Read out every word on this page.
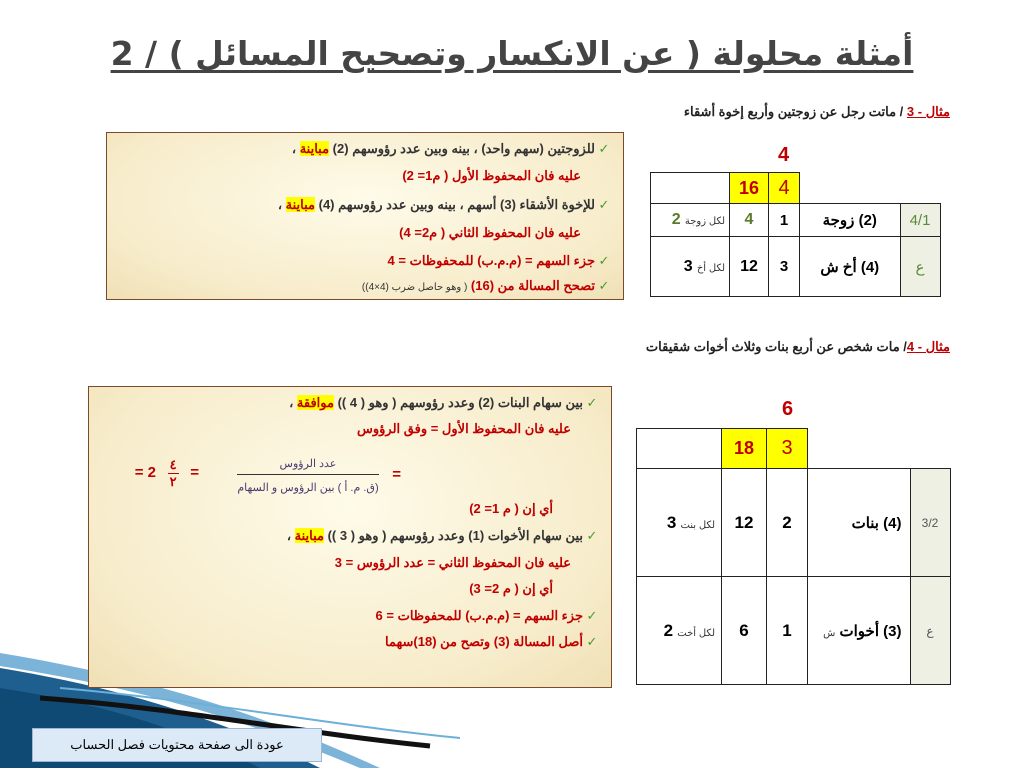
أمثلة محلولة ( عن الانكسار وتصحيح المسائل ) / 2
مثال - 3 / ماتت رجل عن زوجتين وأربع إخوة أشقاء
✓للزوجتين (سهم واحد) ، بينه وبين عدد رؤوسهم (2) مباينة ،
عليه فان المحفوظ الأول ( م1= 2)
✓للإخوة الأشقاء (3) أسهم ، بينه وبين عدد رؤوسهم (4) مباينة ،
عليه فان المحفوظ الثاني ( م2= 4)
✓جزء السهم = (م.م.ب) للمحفوظات = 4
✓تصحح المسالة من (16) ( وهو حاصل ضرب (4×4))
4
	16	4		
لكل زوجة 2	4	1	(2) زوجة	4/1
لكل أخ 3	12	3	(4) أخ ش	ع
مثال - 4/ مات شخص عن أربع بنات وثلاث أخوات شقيقات
✓بين سهام البنات (2) وعدد رؤوسهم ( وهو ( 4 )) موافقة ،
عليه فان المحفوظ الأول = وفق الرؤوس
=
$\frac{\text{عدد الرؤوس}}{\text{(ق. م. أ ) بين الرؤوس و السهام}}$
=
$\frac{٤}{٢}$
2 =
أي إن ( م 1= 2)
✓بين سهام الأخوات (1) وعدد رؤوسهم ( وهو ( 3 )) مباينة ،
عليه فان المحفوظ الثاني = عدد الرؤوس = 3
أي إن ( م 2= 3)
✓جزء السهم = (م.م.ب) للمحفوظات = 6
✓أصل المسالة (3) وتصح من (18)سهما
6
	18	3		
لكل بنت 3	12	2	(4) بنات	3/2
لكل أخت 2	6	1	(3) أخوات ش	ع
عودة الى صفحة محتويات فصل الحساب
